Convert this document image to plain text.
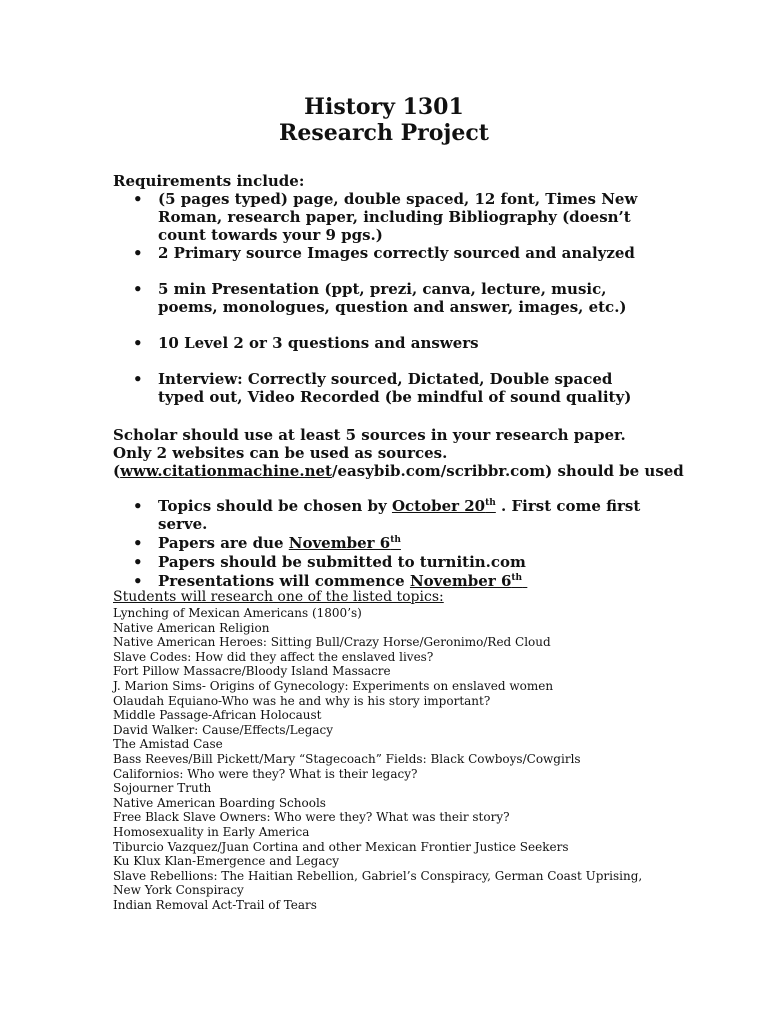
History 1301
Research Project

Requirements include:

• (5 pages typed) page, double spaced, 12 font, Times New Roman, research paper, including Bibliography (doesn’t count towards your 9 pgs.)
• 2 Primary source Images correctly sourced and analyzed
• 5 min Presentation (ppt, prezi, canva, lecture, music, poems, monologues, question and answer, images, etc.)
• 10 Level 2 or 3 questions and answers
• Interview: Correctly sourced, Dictated, Double spaced typed out, Video Recorded (be mindful of sound quality)
Scholar should use at least 5 sources in your research paper.
Only 2 websites can be used as sources.
(www.citationmachine.net/easybib.com/scribbr.com) should be used
• Topics should be chosen by October 20th . First come first serve.
• Papers are due November 6th
• Papers should be submitted to turnitin.com
• Presentations will commence November 6th

Students will research one of the listed topics:

Lynching of Mexican Americans (1800’s)
Native American Religion
Native American Heroes: Sitting Bull/Crazy Horse/Geronimo/Red Cloud
Slave Codes: How did they affect the enslaved lives?
Fort Pillow Massacre/Bloody Island Massacre
J. Marion Sims- Origins of Gynecology: Experiments on enslaved women
Olaudah Equiano-Who was he and why is his story important?
Middle Passage-African Holocaust
David Walker: Cause/Effects/Legacy
The Amistad Case
Bass Reeves/Bill Pickett/Mary “Stagecoach” Fields: Black Cowboys/Cowgirls
Californios: Who were they? What is their legacy?
Sojourner Truth
Native American Boarding Schools
Free Black Slave Owners: Who were they? What was their story?
Homosexuality in Early America
Tiburcio Vazquez/Juan Cortina and other Mexican Frontier Justice Seekers
Ku Klux Klan-Emergence and Legacy
Slave Rebellions: The Haitian Rebellion, Gabriel’s Conspiracy, German Coast Uprising, New York Conspiracy
Indian Removal Act-Trail of Tears
